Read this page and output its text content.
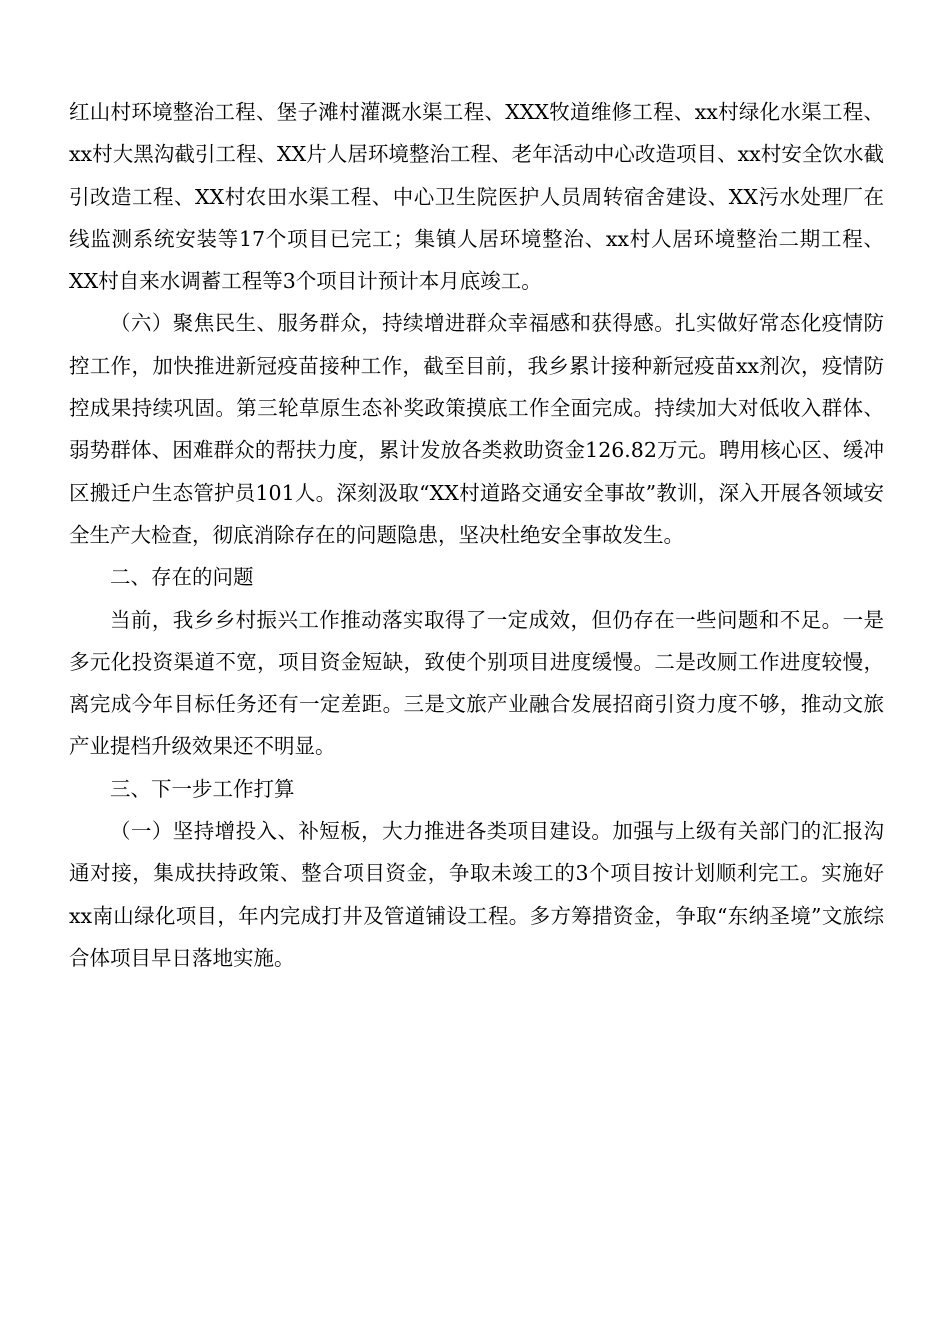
红山村环境整治工程、堡子滩村灌溉水渠工程、XXX牧道维修工程、xx村绿化水渠工程、xx村大黑沟截引工程、XX片人居环境整治工程、老年活动中心改造项目、xx村安全饮水截引改造工程、XX村农田水渠工程、中心卫生院医护人员周转宿舍建设、XX污水处理厂在线监测系统安装等17个项目已完工；集镇人居环境整治、xx村人居环境整治二期工程、XX村自来水调蓄工程等3个项目计预计本月底竣工。

（六）聚焦民生、服务群众，持续增进群众幸福感和获得感。扎实做好常态化疫情防控工作，加快推进新冠疫苗接种工作，截至目前，我乡累计接种新冠疫苗xx剂次，疫情防控成果持续巩固。第三轮草原生态补奖政策摸底工作全面完成。持续加大对低收入群体、弱势群体、困难群众的帮扶力度，累计发放各类救助资金126.82万元。聘用核心区、缓冲区搬迁户生态管护员101人。深刻汲取“XX村道路交通安全事故”教训，深入开展各领域安全生产大检查，彻底消除存在的问题隐患，坚决杜绝安全事故发生。

二、存在的问题

当前，我乡乡村振兴工作推动落实取得了一定成效，但仍存在一些问题和不足。一是多元化投资渠道不宽，项目资金短缺，致使个别项目进度缓慢。二是改厕工作进度较慢，离完成今年目标任务还有一定差距。三是文旅产业融合发展招商引资力度不够，推动文旅产业提档升级效果还不明显。

三、下一步工作打算

（一）坚持增投入、补短板，大力推进各类项目建设。加强与上级有关部门的汇报沟通对接，集成扶持政策、整合项目资金，争取未竣工的3个项目按计划顺利完工。实施好xx南山绿化项目，年内完成打井及管道铺设工程。多方筹措资金，争取“东纳圣境”文旅综合体项目早日落地实施。
